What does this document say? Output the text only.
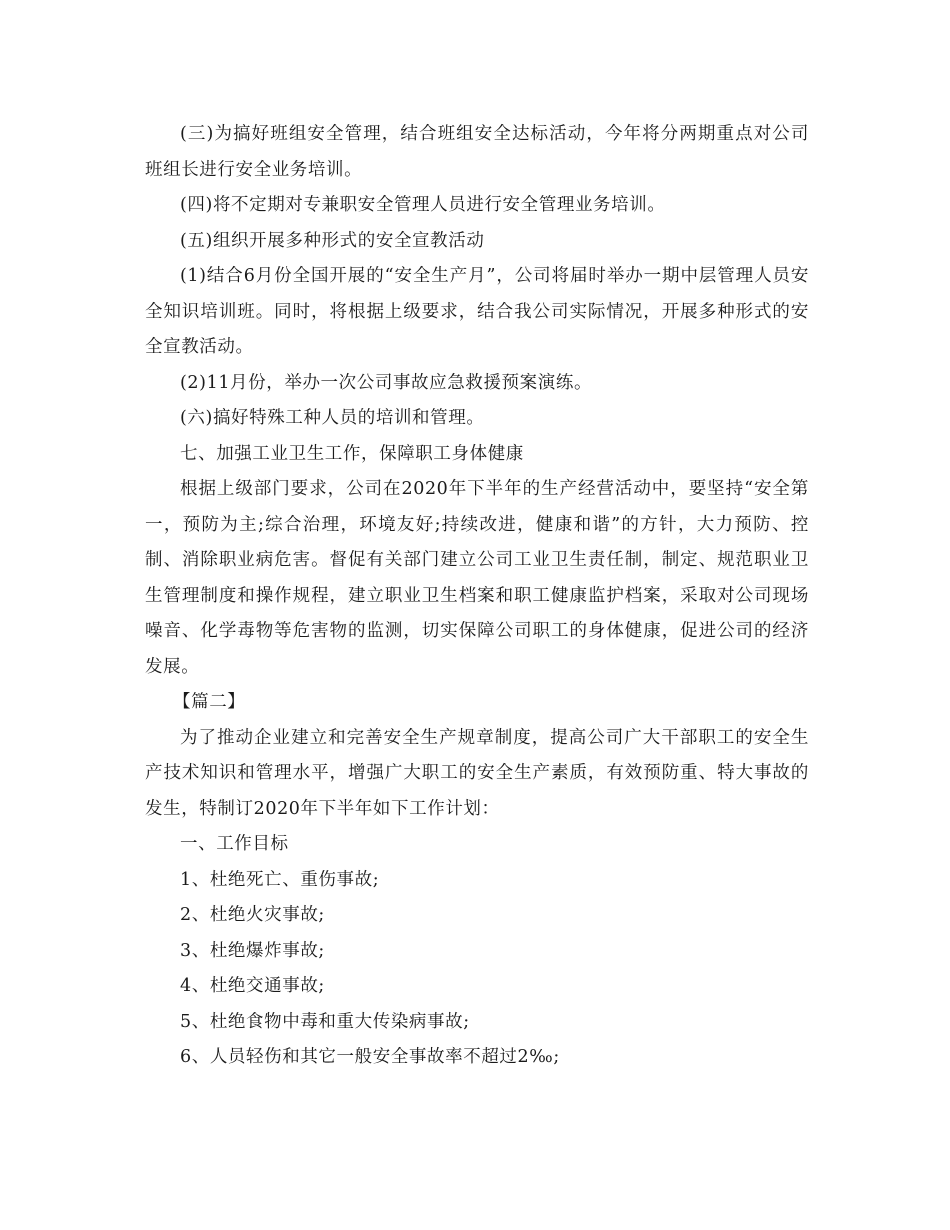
(三)为搞好班组安全管理，结合班组安全达标活动，今年将分两期重点对公司班组长进行安全业务培训。

(四)将不定期对专兼职安全管理人员进行安全管理业务培训。

(五)组织开展多种形式的安全宣教活动

(1)结合6月份全国开展的“安全生产月”，公司将届时举办一期中层管理人员安全知识培训班。同时，将根据上级要求，结合我公司实际情况，开展多种形式的安全宣教活动。

(2)11月份，举办一次公司事故应急救援预案演练。

(六)搞好特殊工种人员的培训和管理。

七、加强工业卫生工作，保障职工身体健康

根据上级部门要求，公司在2020年下半年的生产经营活动中，要坚持“安全第一，预防为主;综合治理，环境友好;持续改进，健康和谐”的方针，大力预防、控制、消除职业病危害。督促有关部门建立公司工业卫生责任制，制定、规范职业卫生管理制度和操作规程，建立职业卫生档案和职工健康监护档案，采取对公司现场噪音、化学毒物等危害物的监测，切实保障公司职工的身体健康，促进公司的经济发展。

【篇二】

为了推动企业建立和完善安全生产规章制度，提高公司广大干部职工的安全生产技术知识和管理水平，增强广大职工的安全生产素质，有效预防重、特大事故的发生，特制订2020年下半年如下工作计划：

一、工作目标

1、杜绝死亡、重伤事故;

2、杜绝火灾事故;

3、杜绝爆炸事故;

4、杜绝交通事故;

5、杜绝食物中毒和重大传染病事故;

6、人员轻伤和其它一般安全事故率不超过2‰;
